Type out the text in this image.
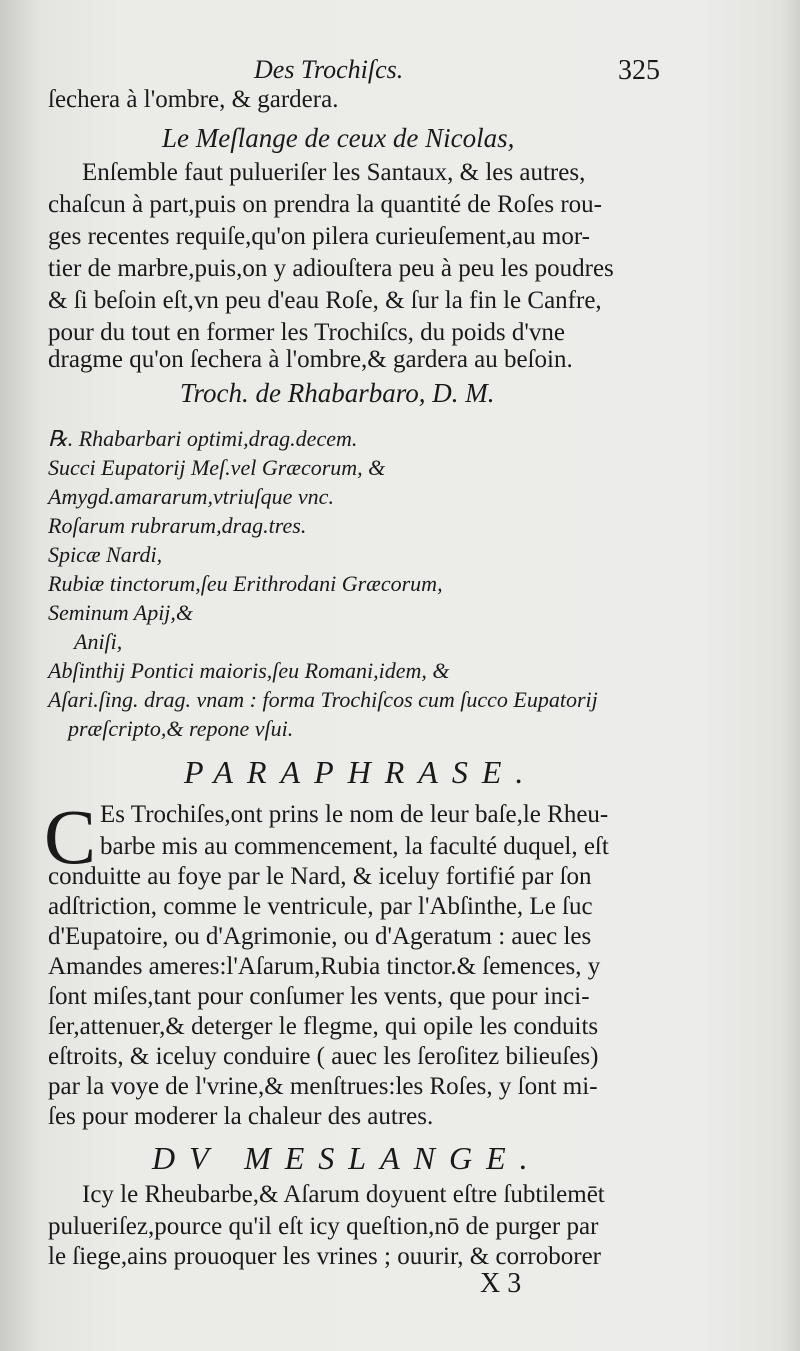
Des Trochiſcs.	325
ſechera à l'ombre, & gardera.
Le Meſlange de ceux de Nicolas,
Enſemble faut pulueriſer les Santaux, & les autres,
chaſcun à part,puis on prendra la quantité de Roſes rou-
ges recentes requiſe,qu'on pilera curieuſement,au mor-
tier de marbre,puis,on y adiouſtera peu à peu les poudres
& ſi beſoin eſt,vn peu d'eau Roſe, & ſur la fin le Canfre,
pour du tout en former les Trochiſcs, du poids d'vne
dragme qu'on ſechera à l'ombre,& gardera au beſoin.
Troch. de Rhabarbaro, D. M.
℞. Rhabarbari optimi,drag.decem.
Succi Eupatorij Meſ.vel Græcorum, &
Amygd.amararum,vtriuſque vnc.
Roſarum rubrarum,drag.tres.
Spicæ Nardi,
Rubiæ tinctorum,ſeu Erithrodani Græcorum,
Seminum Apij,&
Aniſi,
Abſinthij Pontici maioris,ſeu Romani,idem, &
Aſari.ſing. drag. vnam : forma Trochiſcos cum ſucco Eupatorij
præſcripto,& repone vſui.
PARAPHRASE.
C Es Trochiſes,ont prins le nom de leur baſe,le Rheu-
barbe mis au commencement, la faculté duquel, eſt
conduitte au foye par le Nard, & iceluy fortifié par ſon
adſtriction, comme le ventricule, par l'Abſinthe, Le ſuc
d'Eupatoire, ou d'Agrimonie, ou d'Ageratum : auec les
Amandes ameres:l'Aſarum,Rubia tinctor.& ſemences, y
ſont miſes,tant pour conſumer les vents, que pour inci-
ſer,attenuer,& deterger le flegme, qui opile les conduits
eſtroits, & iceluy conduire ( auec les ſeroſitez bilieuſes)
par la voye de l'vrine,& menſtrues:les Roſes, y ſont mi-
ſes pour moderer la chaleur des autres.
DV MESLANGE.
Icy le Rheubarbe,& Aſarum doyuent eſtre ſubtilemēt
pulueriſez,pource qu'il eſt icy queſtion,nō de purger par
le ſiege,ains prouoquer les vrines ; ouurir, & corroborer
X 3
